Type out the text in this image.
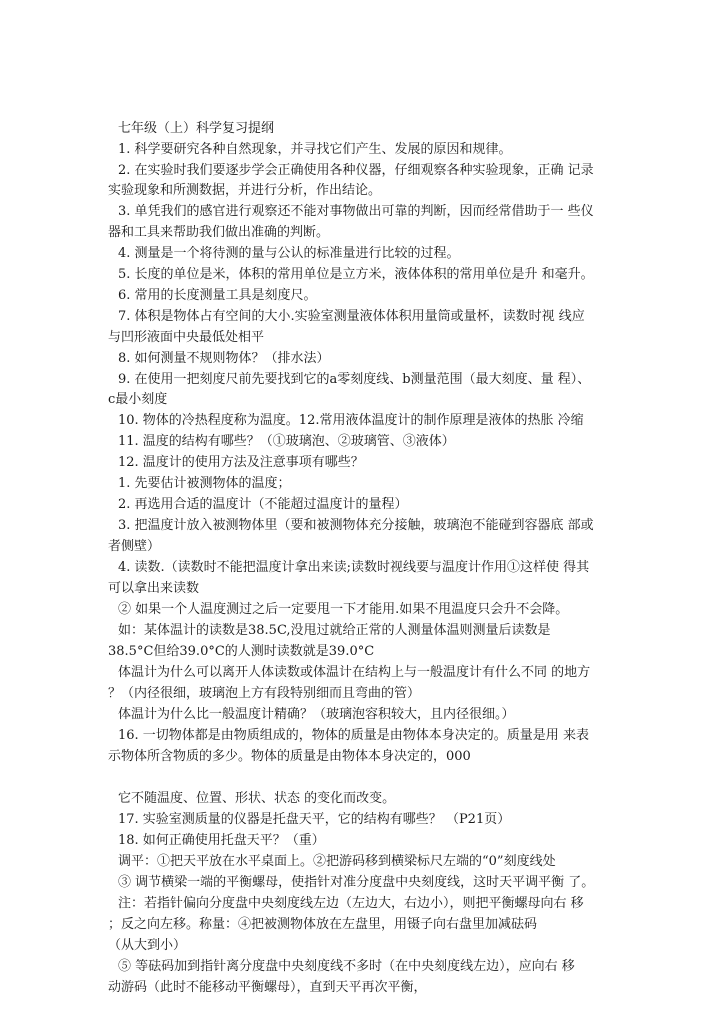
七年级（上）科学复习提纲
1. 科学要研究各种自然现象，并寻找它们产生、发展的原因和规律。
2. 在实验时我们要逐步学会正确使用各种仪器，仔细观察各种实验现象，正确 记录
实验现象和所测数据，并进行分析，作出结论。
3. 单凭我们的感官进行观察还不能对事物做出可靠的判断，因而经常借助于一 些仪
器和工具来帮助我们做出准确的判断。
4. 测量是一个将待测的量与公认的标准量进行比较的过程。
5. 长度的单位是米，体积的常用单位是立方米，液体体积的常用单位是升 和毫升。
6. 常用的长度测量工具是刻度尺。
7. 体积是物体占有空间的大小.实验室测量液体体积用量筒或量杯，读数时视 线应
与凹形液面中央最低处相平
8. 如何测量不规则物体？（排水法）
9. 在使用一把刻度尺前先要找到它的a零刻度线、b测量范围（最大刻度、量 程）、
c最小刻度
10. 物体的冷热程度称为温度。12.常用液体温度计的制作原理是液体的热胀 冷缩
11. 温度的结构有哪些？（①玻璃泡、②玻璃管、③液体）
12. 温度计的使用方法及注意事项有哪些？
1. 先要估计被测物体的温度；
2. 再选用合适的温度计（不能超过温度计的量程）
3. 把温度计放入被测物体里（要和被测物体充分接触，玻璃泡不能碰到容器底 部或
者侧壁）
4. 读数.（读数时不能把温度计拿出来读;读数时视线要与温度计作用①这样使 得其
可以拿出来读数
② 如果一个人温度测过之后一定要甩一下才能用.如果不甩温度只会升不会降。
如：某体温计的读数是38.5C,没甩过就给正常的人测量体温则测量后读数是
38.5°C但给39.0°C的人测时读数就是39.0°C
体温计为什么可以离开人体读数或体温计在结构上与一般温度计有什么不同 的地方
？（内径很细，玻璃泡上方有段特别细而且弯曲的管）
体温计为什么比一般温度计精确？（玻璃泡容积较大，且内径很细。）
16. 一切物体都是由物质组成的，物体的质量是由物体本身决定的。质量是用 来表
示物体所含物质的多少。物体的质量是由物体本身决定的，000
它不随温度、位置、形状、状态 的变化而改变。
17. 实验室测质量的仪器是托盘天平，它的结构有哪些？ （P21页）
18. 如何正确使用托盘天平？（重）
调平：①把天平放在水平桌面上。②把游码移到横梁标尺左端的“0”刻度线处
③ 调节横梁一端的平衡螺母，使指针对准分度盘中央刻度线，这时天平调平衡 了。
注：若指针偏向分度盘中央刻度线左边（左边大，右边小），则把平衡螺母向右 移
；反之向左移。称量：④把被测物体放在左盘里，用镊子向右盘里加减砝码
（从大到小）
⑤ 等砝码加到指针离分度盘中央刻度线不多时（在中央刻度线左边），应向右 移
动游码（此时不能移动平衡螺母），直到天平再次平衡，
